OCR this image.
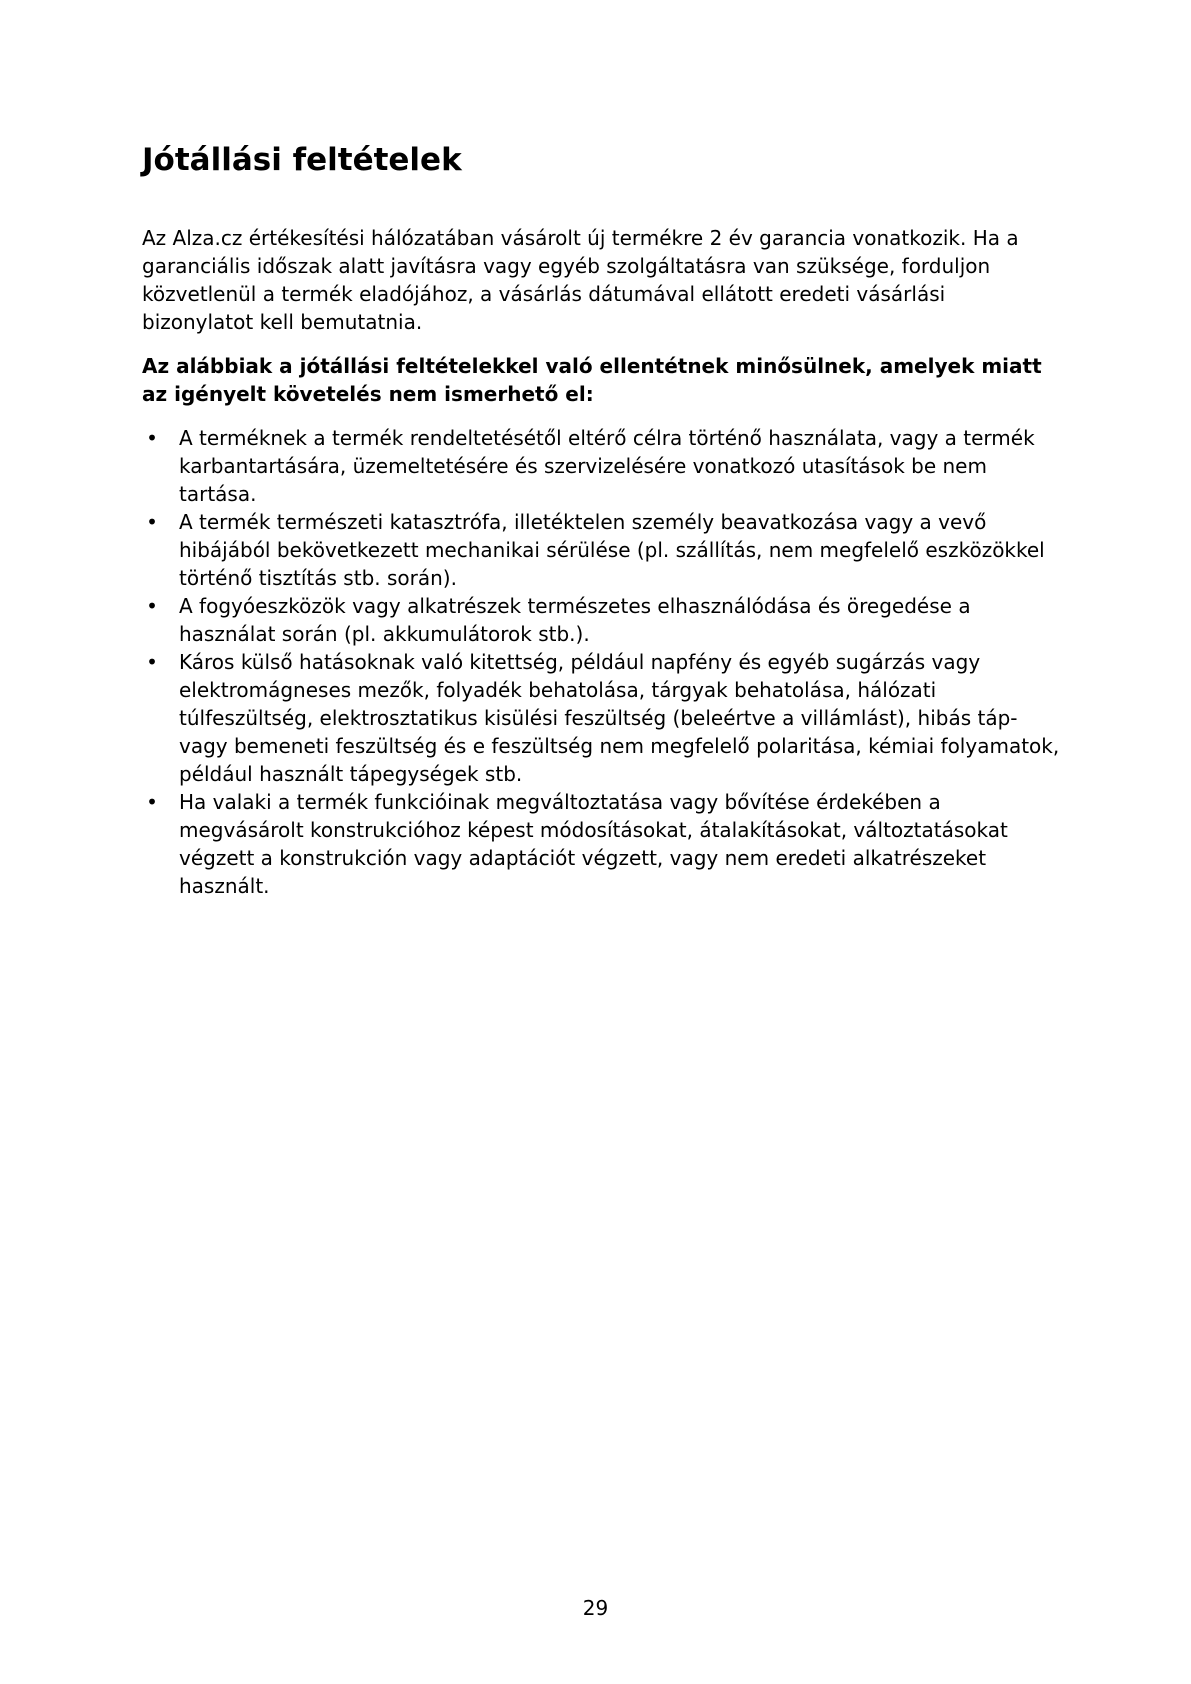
Jótállási feltételek

Az Alza.cz értékesítési hálózatában vásárolt új termékre 2 év garancia vonatkozik. Ha a garanciális időszak alatt javításra vagy egyéb szolgáltatásra van szüksége, forduljon közvetlenül a termék eladójához, a vásárlás dátumával ellátott eredeti vásárlási bizonylatot kell bemutatnia.

Az alábbiak a jótállási feltételekkel való ellentétnek minősülnek, amelyek miatt az igényelt követelés nem ismerhető el:

• A terméknek a termék rendeltetésétől eltérő célra történő használata, vagy a termék karbantartására, üzemeltetésére és szervizelésére vonatkozó utasítások be nem tartása.
• A termék természeti katasztrófa, illetéktelen személy beavatkozása vagy a vevő hibájából bekövetkezett mechanikai sérülése (pl. szállítás, nem megfelelő eszközökkel történő tisztítás stb. során).
• A fogyóeszközök vagy alkatrészek természetes elhasználódása és öregedése a használat során (pl. akkumulátorok stb.).
• Káros külső hatásoknak való kitettség, például napfény és egyéb sugárzás vagy elektromágneses mezők, folyadék behatolása, tárgyak behatolása, hálózati túlfeszültség, elektrosztatikus kisülési feszültség (beleértve a villámlást), hibás táp- vagy bemeneti feszültség és e feszültség nem megfelelő polaritása, kémiai folyamatok, például használt tápegységek stb.
• Ha valaki a termék funkcióinak megváltoztatása vagy bővítése érdekében a megvásárolt konstrukcióhoz képest módosításokat, átalakításokat, változtatásokat végzett a konstrukción vagy adaptációt végzett, vagy nem eredeti alkatrészeket használt.
29
